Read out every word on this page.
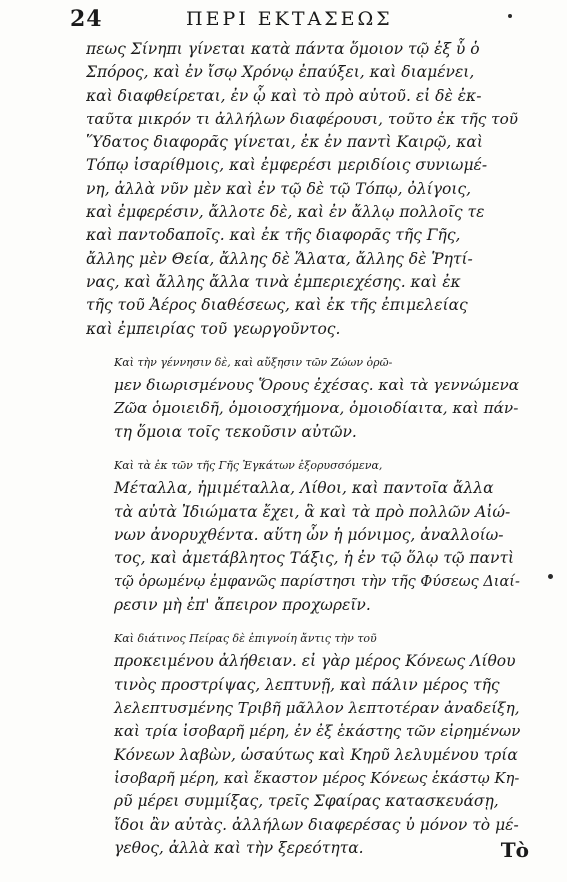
24	ΠΕΡΙ ΕΚΤΑΣΕΩΣ

πεως Σίνηπι γίνεται κατὰ πάντα ὅμοιον τῷ ἐξ ὗ ὁ
Σπόρος, καὶ ἐν ἴσῳ Χρόνῳ ἐπαύξει, καὶ διαμένει,
καὶ διαφθείρεται, ἐν ᾧ καὶ τὸ πρὸ αὐτοῦ. εἰ δὲ ἐκ-
ταῦτα μικρόν τι ἀλλήλων διαφέρουσι, τοῦτο ἐκ τῆς τοῦ
Ὕδατος διαφορᾶς γίνεται, ἐκ ἐν παντὶ Καιρῷ, καὶ
Τόπῳ ἰσαρίθμοις, καὶ ἐμφερέσι μεριδίοις συνιωμέ-
νη, ἀλλὰ νῦν μὲν καὶ ἐν τῷ δὲ τῷ Τόπῳ, ὀλίγοις,
καὶ ἐμφερέσιν, ἄλλοτε δὲ, καὶ ἐν ἄλλῳ πολλοῖς τε
καὶ παντοδαποῖς. καὶ ἐκ τῆς διαφορᾶς τῆς Γῆς,
ἄλλης μὲν Θεία, ἄλλης δὲ Ἅλατα, ἄλλης δὲ Ῥητί-
νας, καὶ ἄλλης ἄλλα τινὰ ἐμπεριεχέσης. καὶ ἐκ
τῆς τοῦ Ἀέρος διαθέσεως, καὶ ἐκ τῆς ἐπιμελείας
καὶ ἐμπειρίας τοῦ γεωργοῦντος.

Καὶ τὴν γέννησιν δὲ, καὶ αὔξησιν τῶν Ζώων ὁρῶ-
μεν διωρισμένους Ὅρους ἐχέσας. καὶ τὰ γεννώμενα
Ζῶα ὁμοιειδῆ, ὁμοιοσχήμονα, ὁμοιοδίαιτα, καὶ πάν-
τη ὅμοια τοῖς τεκοῦσιν αὐτῶν.

Καὶ τὰ ἐκ τῶν τῆς Γῆς Ἐγκάτων ἐξορυσσόμενα,
Μέταλλα, ἡμιμέταλλα, Λίθοι, καὶ παντοῖα ἄλλα
τὰ αὐτὰ Ἰδιώματα ἔχει, ἃ καὶ τὰ πρὸ πολλῶν Αἰώ-
νων ἀνορυχθέντα. αὕτη ὧν ἡ μόνιμος, ἀναλλοίω-
τος, καὶ ἀμετάβλητος Τάξις, ἡ ἐν τῷ ὅλῳ τῷ παντὶ
τῷ ὁρωμένῳ ἐμφανῶς παρίστησι τὴν τῆς Φύσεως Διαί-
ρεσιν μὴ ἐπ' ἄπειρον προχωρεῖν.

Καὶ διάτινος Πείρας δὲ ἐπιγνοίη ἄντις τὴν τοῦ
προκειμένου ἀλήθειαν. εἰ γὰρ μέρος Κόνεως Λίθου
τινὸς προστρίψας, λεπτυνῇ, καὶ πάλιν μέρος τῆς
λελεπτυσμένης Τριβῆ μᾶλλον λεπτοτέραν ἀναδείξη,
καὶ τρία ἰσοβαρῆ μέρη, ἐν ἐξ ἑκάστης τῶν εἰρημένων
Κόνεων λαβὼν, ὡσαύτως καὶ Κηρῦ λελυμένου τρία
ἰσοβαρῆ μέρη, καὶ ἕκαστον μέρος Κόνεως ἑκάστῳ Κη-
ρῦ μέρει συμμίξας, τρεῖς Σφαίρας κατασκευάσῃ,
ἴδοι ἂν αὐτὰς. ἀλλήλων διαφερέσας ὐ μόνον τὸ μέ-
γεθος, ἀλλὰ καὶ τὴν ξερεότητα.	Τὸ
